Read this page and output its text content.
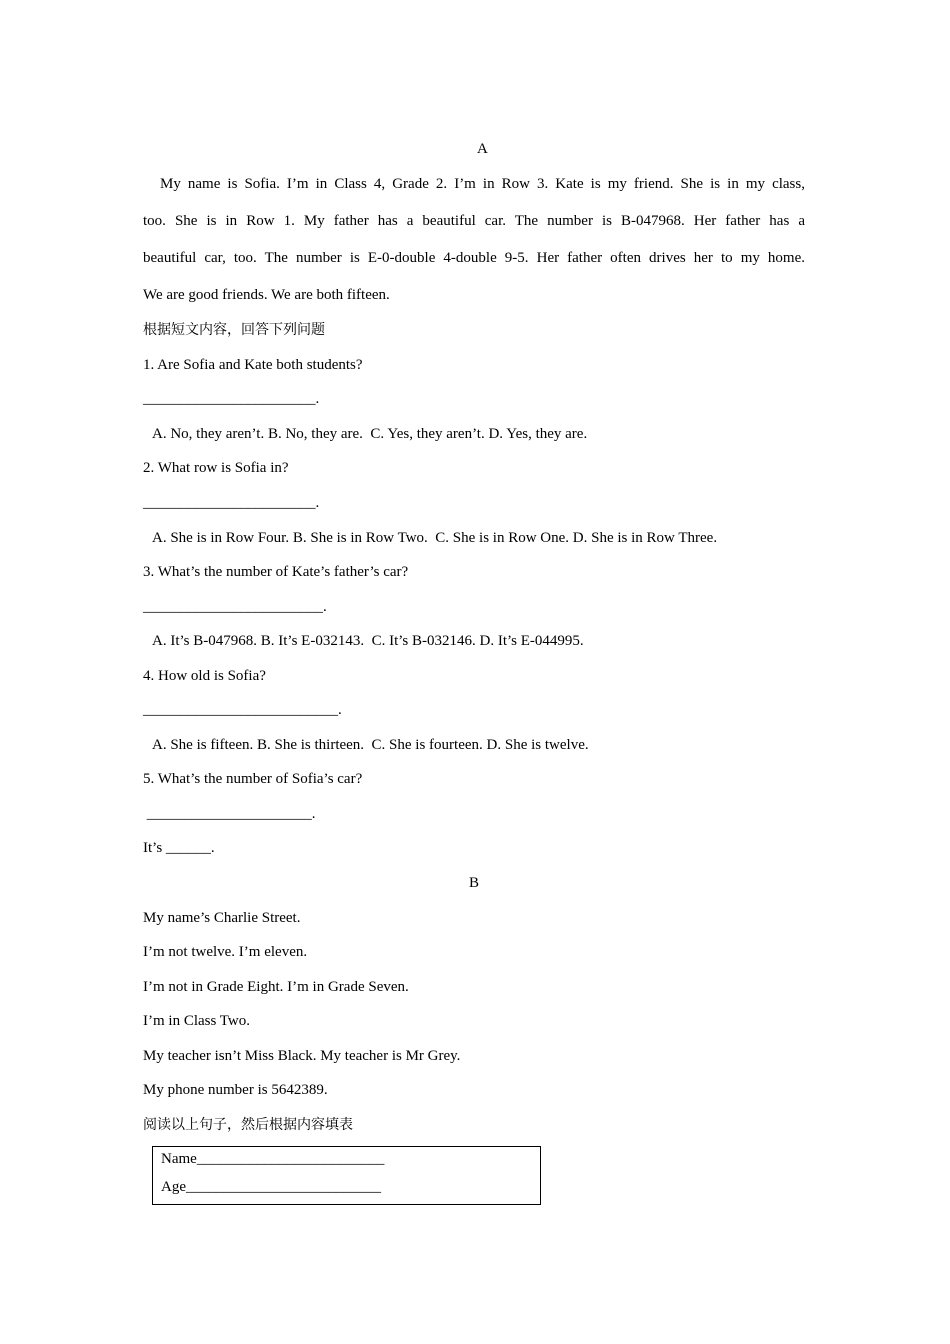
A
My name is Sofia. I’m in Class 4, Grade 2. I’m in Row 3. Kate is my friend. She is in my class,
too. She is in Row 1. My father has a beautiful car. The number is B-047968. Her father has a
beautiful car, too. The number is E-0-double 4-double 9-5. Her father often drives her to my home.
We are good friends. We are both fifteen.
根据短文内容，回答下列问题
1. Are Sofia and Kate both students?
_______________________.
A. No, they aren’t. B. No, they are.  C. Yes, they aren’t. D. Yes, they are.
2. What row is Sofia in?
_______________________.
A. She is in Row Four. B. She is in Row Two.  C. She is in Row One. D. She is in Row Three.
3. What’s the number of Kate’s father’s car?
________________________.
A. It’s B-047968. B. It’s E-032143.  C. It’s B-032146. D. It’s E-044995.
4. How old is Sofia?
__________________________.
A. She is fifteen. B. She is thirteen.  C. She is fourteen. D. She is twelve.
5. What’s the number of Sofia’s car?
______________________.
It’s ______.
B
My name’s Charlie Street.
I’m not twelve. I’m eleven.
I’m not in Grade Eight. I’m in Grade Seven.
I’m in Class Two.
My teacher isn’t Miss Black. My teacher is Mr Grey.
My phone number is 5642389.
阅读以上句子，然后根据内容填表
Name_________________________
Age__________________________
